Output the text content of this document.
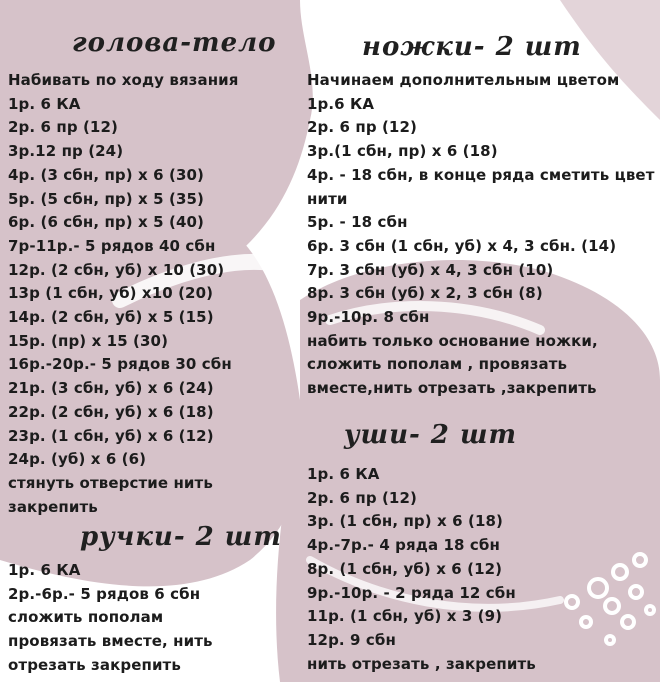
голова-тело	ножки- 2 шт
уши- 2 шт
ручки- 2 шт
Набивать по ходу вязания
1р. 6 КА
2р. 6 пр (12)
3р.12 пр (24)
4р. (3 сбн, пр) х 6 (30)
5р. (5 сбн, пр) х 5 (35)
6р. (6 сбн, пр) х 5 (40)
7р-11р.- 5 рядов 40 сбн
12р. (2 сбн, уб) х 10 (30)
13р (1 сбн, уб) х10 (20)
14р. (2 сбн, уб) х 5 (15)
15р. (пр) х 15 (30)
16р.-20р.- 5 рядов 30 сбн
21р. (3 сбн, уб) х 6 (24)
22р. (2 сбн, уб) х 6 (18)
23р. (1 сбн, уб) х 6 (12)
24р. (уб) х 6 (6)
стянуть отверстие нить
закрепить
1р. 6 КА
2р.-6р.- 5 рядов 6 сбн
сложить пополам
провязать вместе, нить
отрезать закрепить
Начинаем дополнительным цветом
1р.6 КА
2р. 6 пр (12)
3р.(1 сбн, пр) х 6 (18)
4р. - 18 сбн, в конце ряда сметить цвет
нити
5р. - 18 сбн
6р. 3 сбн (1 сбн, уб) х 4, 3 сбн. (14)
7р. 3 сбн (уб) х 4, 3 сбн (10)
8р. 3 сбн (уб) х 2, 3 сбн (8)
9р.-10р. 8 сбн
набить только основание ножки,
сложить пополам , провязать
вместе,нить отрезать ,закрепить
1р. 6 КА
2р. 6 пр (12)
3р. (1 сбн, пр) х 6 (18)
4р.-7р.- 4 ряда 18 сбн
8р. (1 сбн, уб) х 6 (12)
9р.-10р. - 2 ряда 12 сбн
11р. (1 сбн, уб) х 3 (9)
12р. 9 сбн
нить отрезать , закрепить
